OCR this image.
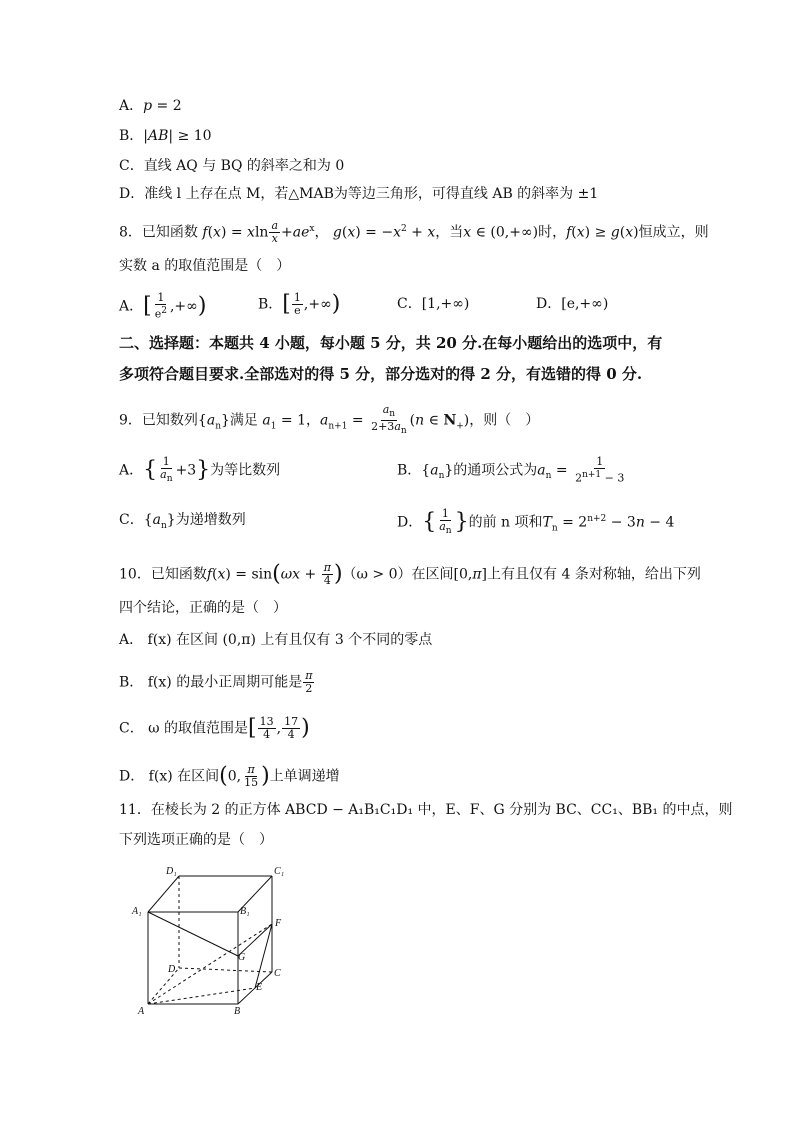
A．p = 2
B．|AB| ≥ 10
C．直线 AQ 与 BQ 的斜率之和为 0
D．准线 l 上存在点 M，若△MAB为等边三角形，可得直线 AB 的斜率为 ±1
8．已知函数 f(x) = xln $\frac{a}{x} +ae^x$， $g(x) = -x^2 + x$，当x ∈ (0,+∞)时，f(x) ≥ g(x)恒成立，则
实数 a 的取值范围是（　）
A．[ $\frac{1}{e^2}$ ,+∞)	B．[ $\frac{1}{e}$ ,+∞)	C．[1,+∞)	D．[e,+∞)
二、选择题：本题共 4 小题，每小题 5 分，共 20 分.在每小题给出的选项中，有
多项符合题目要求.全部选对的得 5 分，部分选对的得 2 分，有选错的得 0 分.
9．已知数列$\{a_n\}$满足 $a_1 = 1$，$a_{n+1} = \frac{a_n}{2+3a_n} (n$ ∈ $N_+$)，则（　）
A．{ $\frac{1}{a_n} +3$}为等比数列	B．$\{a_n\}$的通项公式为$a_n = \frac{1}{2^{n+1} - 3}$
C．$\{a_n\}$为递增数列	D．{ $\frac{1}{a_n}$ }的前 n 项和$T_n = 2^{n+2} - 3n - 4$
10．已知函数$f(x) = \sin(\omega x + \frac{\pi}{4} )(\omega > 0)$在区间[0,π]上有且仅有 4 条对称轴，给出下列
四个结论，正确的是（　）
A． f(x) 在区间 (0,π) 上有且仅有 3 个不同的零点
B． f(x) 的最小正周期可能是 $\frac{\pi}{2}$
C． ω 的取值范围是[ $\frac{13}{4}$ , $\frac{17}{4}$ )
D． f(x) 在区间(0, $\frac{\pi}{15}$ )上单调递增
11．在棱长为 2 的正方体 ABCD − A₁B₁C₁D₁ 中，E、F、G 分别为 BC、CC₁、BB₁ 的中点，则
下列选项正确的是（　）
D₁	C₁
A₁	B₁
F
G
D	C
E
A	B
